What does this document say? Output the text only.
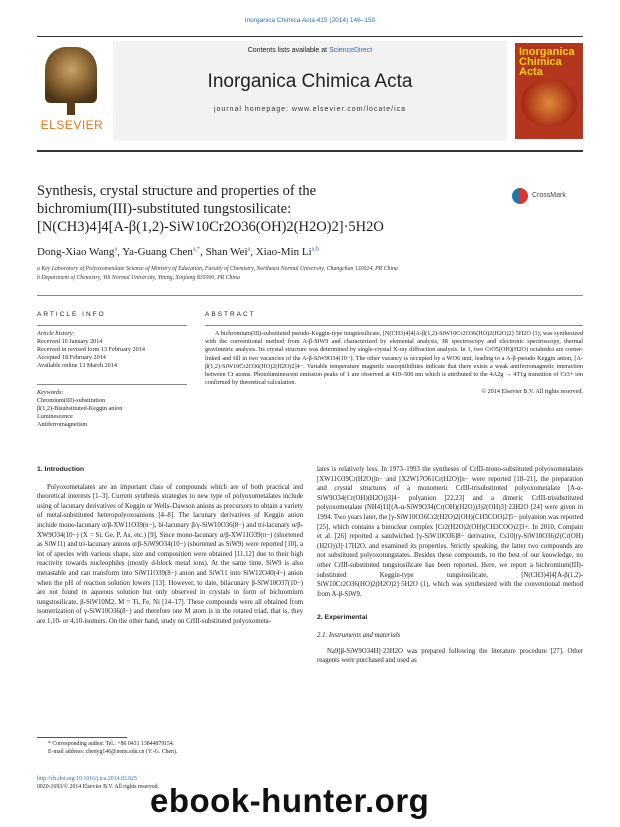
Inorganica Chimica Acta 415 (2014) 146–150
ELSEVIER
Contents lists available at ScienceDirect
Inorganica Chimica Acta
journal homepage: www.elsevier.com/locate/ica
Inorganica Chimica Acta
Synthesis, crystal structure and properties of the
bichromium(III)-substituted tungstosilicate:
[N(CH3)4]4[A-β(1,2)-SiW10Cr2O36(OH)2(H2O)2]·5H2O
CrossMark
Dong-Xiao Wang$^a$, Ya-Guang Chen$^{a,*}$, Shan Wei$^a$, Xiao-Min Li$^{a,b}$
a Key Laboratory of Polyoxometalate Science of Ministry of Education, Faculty of Chemistry, Northeast Normal University, Changchun 130024, PR China
b Department of Chemistry, Yili Normal University, Yining, Xinjiang 835000, PR China
ARTICLE INFO	ABSTRACT
Article history:
Received 10 January 2014
Received in revised form 13 February 2014
Accepted 18 February 2014
Available online 13 March 2014
Keywords:
Chromium(III)-substitution
β(1,2)-Bisubstituted-Keggin anion
Luminescence
Antiferromagnetism
A bichromium(III)-substituted pseudo-Keggin-type tungstosilicate, [N(CH3)4]4[A-β(1,2)-SiW10Cr2O36(HO)2(H2O)2]·5H2O (1), was synthesized with the conventional method from A-β-SiW9 and characterized by elemental analysis, IR spectroscopy and electronic spectroscopy, thermal gravimetric analysis. Its crystal structure was determined by single-crystal X-ray diffraction analysis. In 1, two CrO5(OH)(H2O) octahedra are corner-linked and fill in two vacancies of the A-β-SiW9O34(10−). The other vacancy is occupied by a WO6 unit, leading to a A-β-pseudo Keggin anion, [A-β(1,2)-SiW10Cr2O36(HO)2(H2O)2]4−. Variable temperature magnetic susceptibilities indicate that there exists a weak antiferromagnetic interaction between Cr atoms. Photoluminescent emission peaks of 1 are observed at 410–500 nm which is attributed to the 4A2g → 4T1g transition of Cr3+ ion confirmed by theoretical calculation.
© 2014 Elsevier B.V. All rights reserved.
1. Introduction
Polyoxometalates are an important class of compounds which are of both practical and theoretical interests [1–3]. Current synthesis strategies to new type of polyoxometalates include using of lacunary derivatives of Keggin or Wells–Dawson anions as precursors to obtain a variety of metal-substituted heteropolyoxoanions [4–8]. The lacunary derivatives of Keggin anion include mono-lacunary α/β-XW11O39(n−), bi-lacunary β/γ-SiW10O36(8−) and tri-lacunary α/β-XW9O34(10−) (X = Si, Ge, P, As, etc.) [9]. Since mono-lacunary α/β-XW11O39(n−) (shortened as SiW11) and tri-lacunary anions α/β-SiW9O34(10−) (shortened as SiW9) were reported [10], a lot of species with various shape, size and composition were obtained [11,12] due to their high reactivity towards nucleophiles (mostly d-block metal ions). At the same time, SiW9 is also metastable and can transform into SiW11O39(8−) anion and SiW11 into SiW12O40(4−) anion when the pH of reaction solution lowers [13]. However, to date, bilacunary β-SiW10O37(10−) are not found in aqueous solution but only observed in crystals in form of bichromium tungstosilicate, β-SiW10M2, M = Ti, Fe, Ni [14–17]. These compounds were all obtained from isomerization of γ-SiW10O36(8−) and therefore one M atom is in the rotated triad, that is, they are 1,10- or 4,10-isomers. On the other hand, study on CrIII-substituted polyoxometa-
lates is relatively less. In 1973–1993 the syntheses of CrIII-mono-substituted polyoxometalates [XW11O39Cr(H2O)]n− and [X2W17O61Cr(H2O)]n− were reported [18–21], the preparation and crystal structures of a monomeric CrIII-trisubstituted polyoxometalate [A-α-SiW9O34(Cr(OH)(H2O))3]4− polyanion [22,23] and a dimeric CrIII-trisubstituted polyoxometalate (NH4)11[(A-α-SiW9O34(Cr(OH)(H2O))3)2(OH)3]·23H2O [24] were given in 1994. Two years later, the [γ-SiW10O36Cr2(H2O)2(OH)(CH3COO)2]5− polyanion was reported [25], which contains a binuclear complex [Cr2(H2O)2(OH)(CH3COO)2]3+. In 2010, Compain et al. [26] reported a sandwiched [γ-SiW10O36]8− derivative, Cs10[(γ-SiW10O36)2(Cr(OH)(H2O))3]·17H2O, and examined its properties. Strictly speaking, the latter two compounds are not substituted polyoxotungstates. Besides these compounds, to the best of our knowledge, no other CrIII-substituted tungstosilicate has been reported. Here, we report a bichromium(III)-substituted Keggin-type tungstosilicate, [N(CH3)4]4[A-β(1,2)-SiW10Cr2O36(HO)2(H2O)2]·5H2O (1), which was synthesized with the conventional method from A-β-SiW9.
2. Experimental
2.1. Instruments and materials
Na9[β-SiW9O34H]·23H2O was prepared following the literature procedure [27]. Other reagents were purchased and used as
* Corresponding author. Tel.: +86 0431 13844879154.
E-mail address: chenyg146@nenu.edu.cn (Y.-G. Chen).
http://dx.doi.org/10.1016/j.ica.2014.02.025
0020-1693/© 2014 Elsevier B.V. All rights reserved.
ebook-hunter.org
